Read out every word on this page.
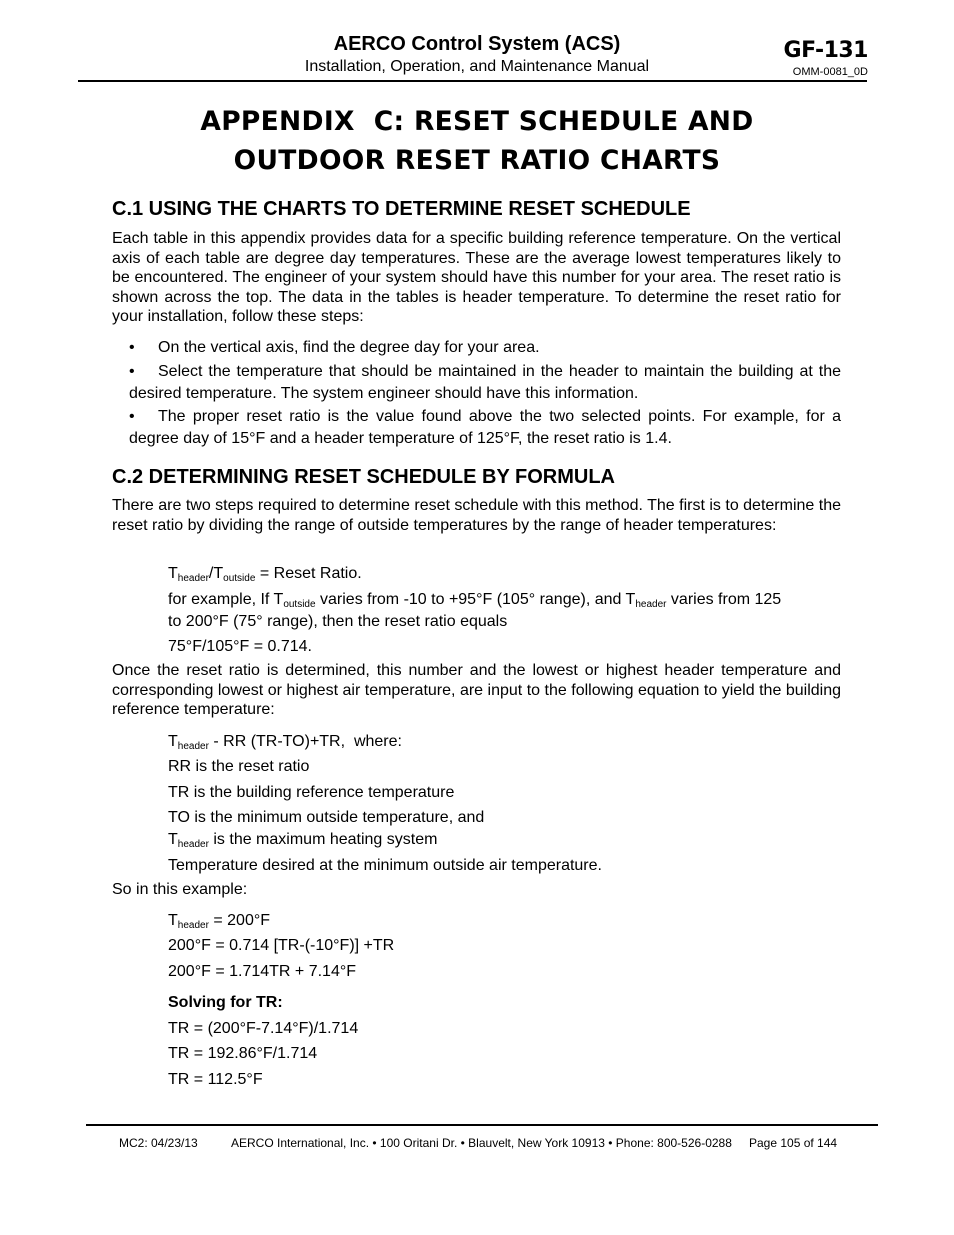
AERCO Control System (ACS)
Installation, Operation, and Maintenance Manual
GF-131
OMM-0081_0D
APPENDIX  C: RESET SCHEDULE AND
OUTDOOR RESET RATIO CHARTS
C.1 USING THE CHARTS TO DETERMINE RESET SCHEDULE

Each table in this appendix provides data for a specific building reference temperature. On the vertical axis of each table are degree day temperatures. These are the average lowest temperatures likely to be encountered. The engineer of your system should have this number for your area. The reset ratio is shown across the top. The data in the tables is header temperature. To determine the reset ratio for your installation, follow these steps:

• On the vertical axis, find the degree day for your area.

• Select the temperature that should be maintained in the header to maintain the building at the desired temperature. The system engineer should have this information.

• The proper reset ratio is the value found above the two selected points. For example, for a degree day of 15°F and a header temperature of 125°F, the reset ratio is 1.4.

C.2 DETERMINING RESET SCHEDULE BY FORMULA

There are two steps required to determine reset schedule with this method. The first is to determine the reset ratio by dividing the range of outside temperatures by the range of header temperatures:

$T_{header}/T_{outside}$ = Reset Ratio.

for example, If $T_{outside}$ varies from -10 to +95°F (105° range), and $T_{header}$ varies from 125
to 200°F (75° range), then the reset ratio equals

75°F/105°F = 0.714.

Once the reset ratio is determined, this number and the lowest or highest header temperature and corresponding lowest or highest air temperature, are input to the following equation to yield the building reference temperature:

$T_{header}$ - RR (TR-TO)+TR,  where:

RR is the reset ratio

TR is the building reference temperature

TO is the minimum outside temperature, and

$T_{header}$ is the maximum heating system

Temperature desired at the minimum outside air temperature.

So in this example:

$T_{header} = 200^\circ F$

200°F = 0.714 [TR-(-10°F)] +TR

200°F = 1.714TR + 7.14°F

Solving for TR:

TR = (200°F-7.14°F)/1.714

TR = 192.86°F/1.714

TR = 112.5°F

MC2: 04/23/13	AERCO International, Inc. • 100 Oritani Dr. • Blauvelt, New York 10913 • Phone: 800-526-0288 Page 105 of 144
